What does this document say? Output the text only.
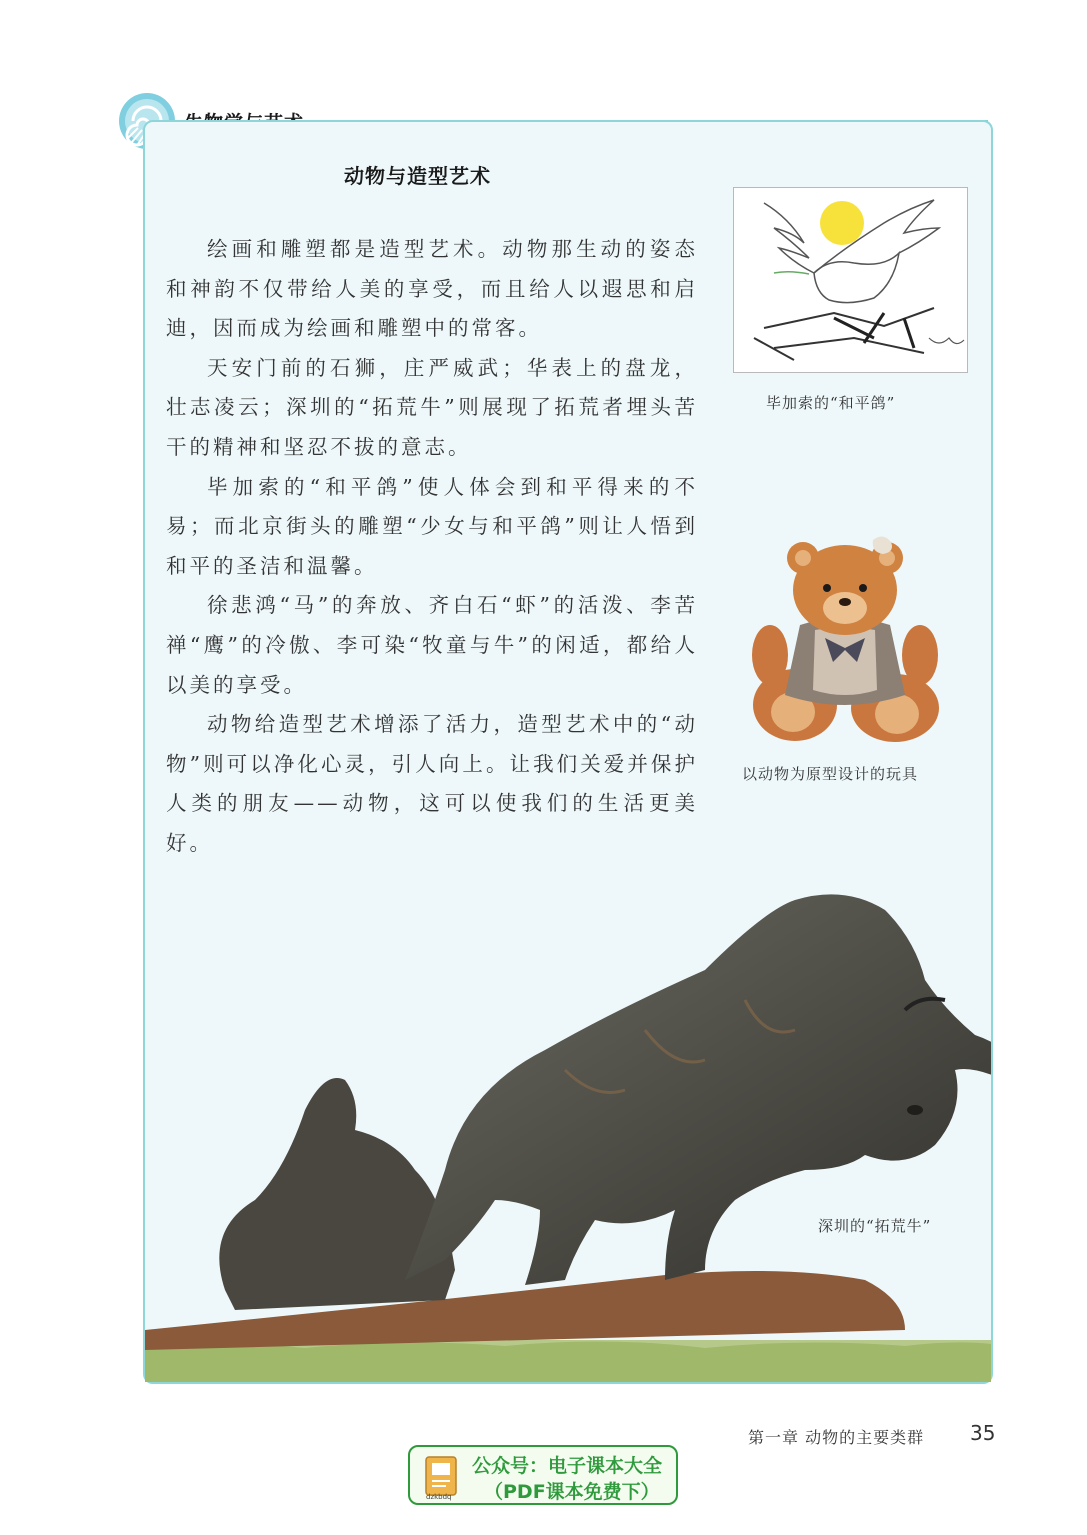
动物与造型艺术

绘画和雕塑都是造型艺术。动物那生动的姿态和神韵不仅带给人美的享受，而且给人以遐思和启迪，因而成为绘画和雕塑中的常客。

天安门前的石狮，庄严威武；华表上的盘龙，壮志凌云；深圳的“拓荒牛”则展现了拓荒者埋头苦干的精神和坚忍不拔的意志。

毕加索的“和平鸽”使人体会到和平得来的不易；而北京街头的雕塑“少女与和平鸽”则让人悟到和平的圣洁和温馨。

徐悲鸿“马”的奔放、齐白石“虾”的活泼、李苦禅“鹰”的冷傲、李可染“牧童与牛”的闲适，都给人以美的享受。

动物给造型艺术增添了活力，造型艺术中的“动物”则可以净化心灵，引人向上。让我们关爱并保护人类的朋友——动物，这可以使我们的生活更美好。

毕加索的“和平鸽”
以动物为原型设计的玩具
深圳的“拓荒牛”
第一章 动物的主要类群 35
dzkbdq
公众号：电子课本大全
（PDF课本免费下）
